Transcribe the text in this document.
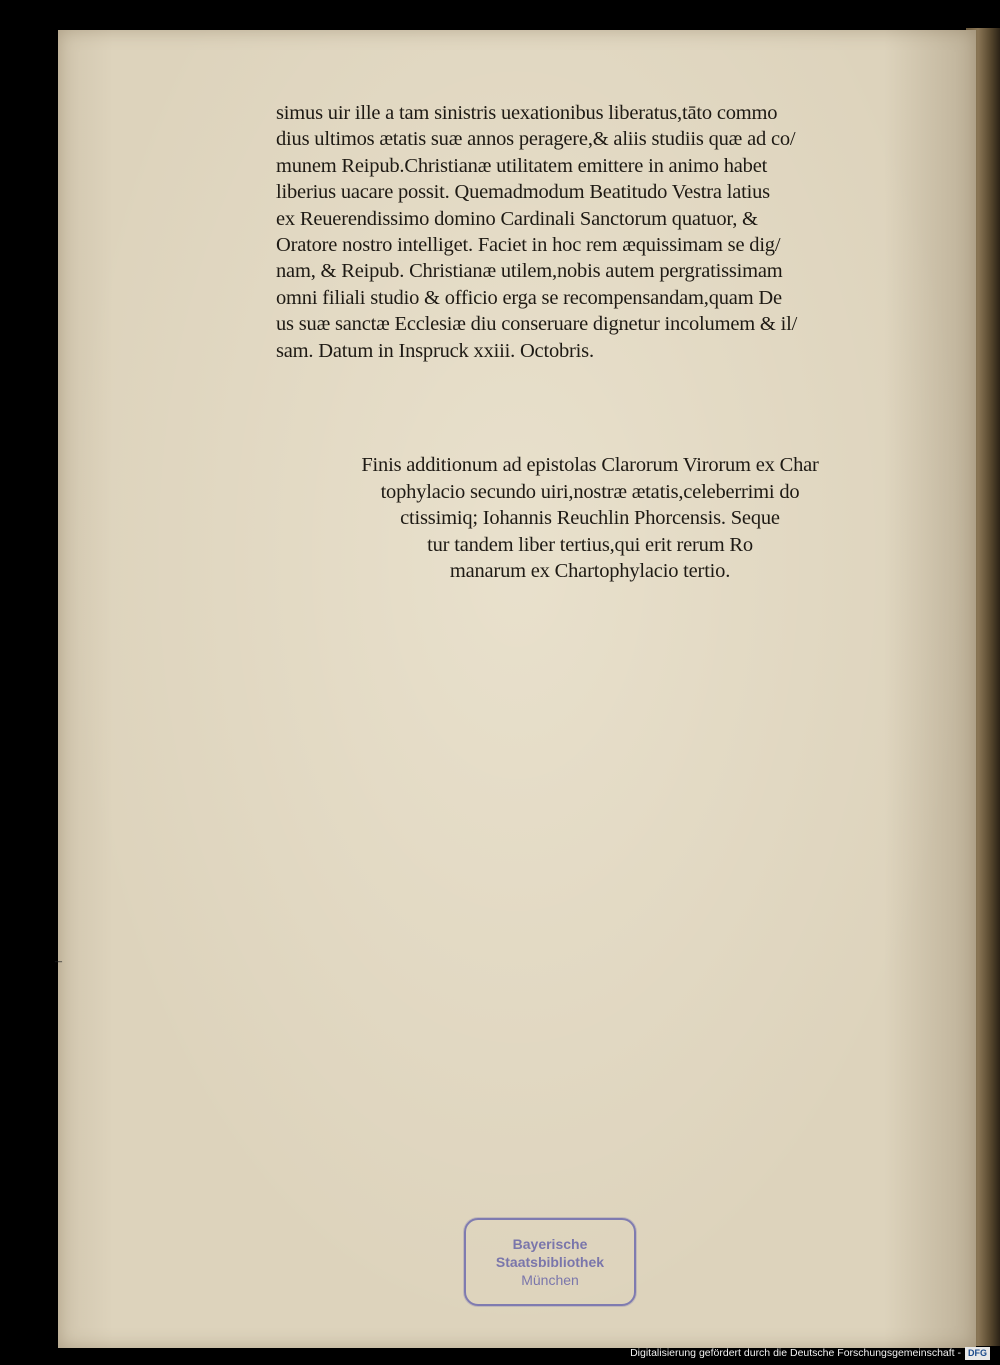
simus uir ille a tam sinistris uexationibus liberatus,tāto commo
dius ultimos ætatis suæ annos peragere,& aliis studiis quæ ad co/
munem Reipub.Christianæ utilitatem emittere in animo habet
liberius uacare possit. Quemadmodum Beatitudo Vestra latius
ex Reuerendissimo domino Cardinali Sanctorum quatuor, &
Oratore nostro intelliget. Faciet in hoc rem æquissimam se dig/
nam, & Reipub. Christianæ utilem,nobis autem pergratissimam
omni filiali studio & officio erga se recompensandam,quam De
us suæ sanctæ Ecclesiæ diu conseruare dignetur incolumem & il/
sam. Datum in Inspruck xxiii. Octobris.
Finis additionum ad epistolas Clarorum Virorum ex Char
tophylacio secundo uiri,nostræ ætatis,celeberrimi do
ctissimiq; Iohannis Reuchlin Phorcensis. Seque
tur tandem liber tertius,qui erit rerum Ro
manarum ex Chartophylacio tertio.
–
Bayerische
Staatsbibliothek
München
Digitalisierung gefördert durch die Deutsche Forschungsgemeinschaft - DFG
